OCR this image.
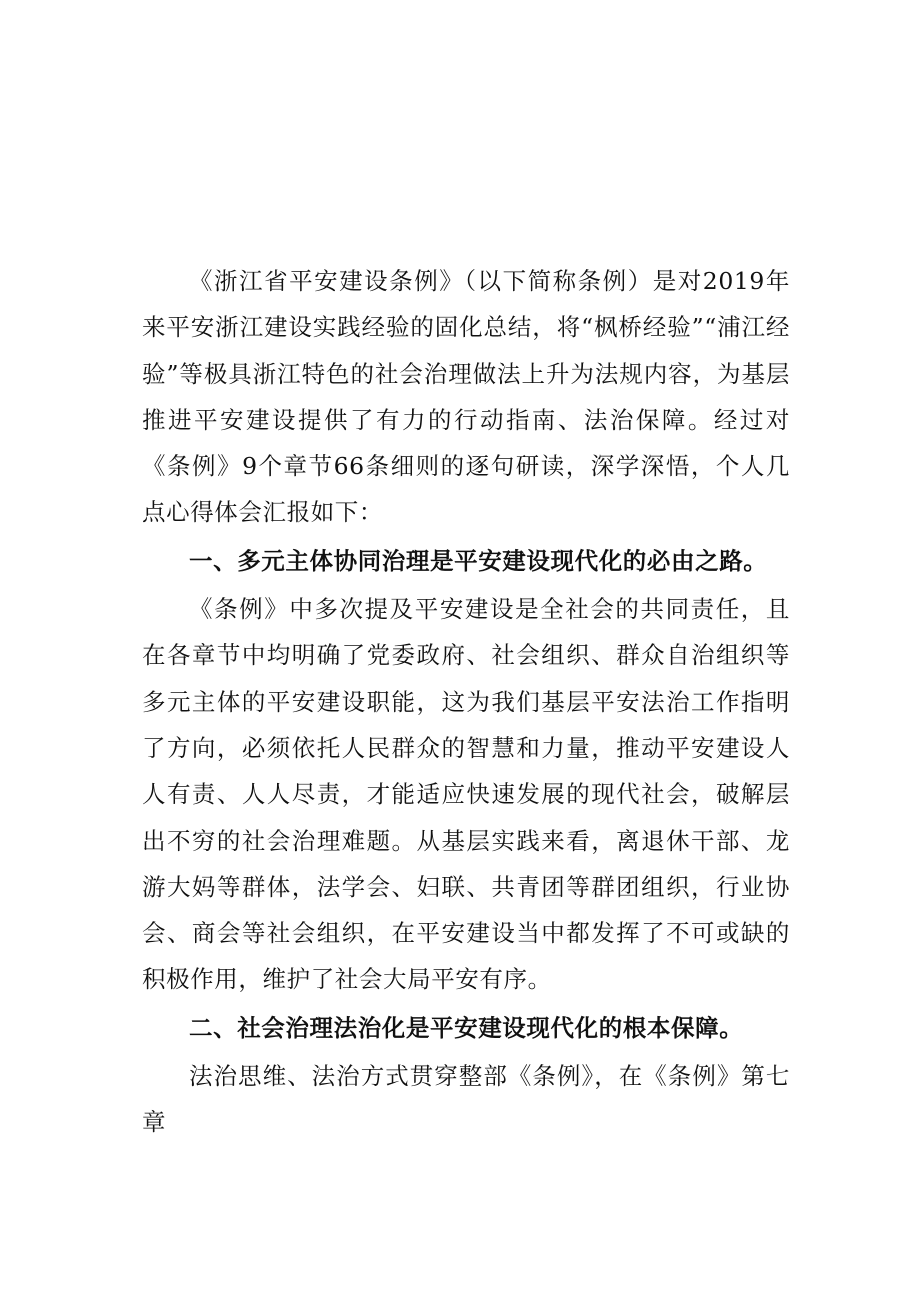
《浙江省平安建设条例》（以下简称条例）是对2019年来平安浙江建设实践经验的固化总结，将“枫桥经验”“浦江经验”等极具浙江特色的社会治理做法上升为法规内容，为基层推进平安建设提供了有力的行动指南、法治保障。经过对《条例》9个章节66条细则的逐句研读，深学深悟，个人几点心得体会汇报如下：

一、多元主体协同治理是平安建设现代化的必由之路。

《条例》中多次提及平安建设是全社会的共同责任，且在各章节中均明确了党委政府、社会组织、群众自治组织等多元主体的平安建设职能，这为我们基层平安法治工作指明了方向，必须依托人民群众的智慧和力量，推动平安建设人人有责、人人尽责，才能适应快速发展的现代社会，破解层出不穷的社会治理难题。从基层实践来看，离退休干部、龙游大妈等群体，法学会、妇联、共青团等群团组织，行业协会、商会等社会组织，在平安建设当中都发挥了不可或缺的积极作用，维护了社会大局平安有序。

二、社会治理法治化是平安建设现代化的根本保障。

法治思维、法治方式贯穿整部《条例》，在《条例》第七章
